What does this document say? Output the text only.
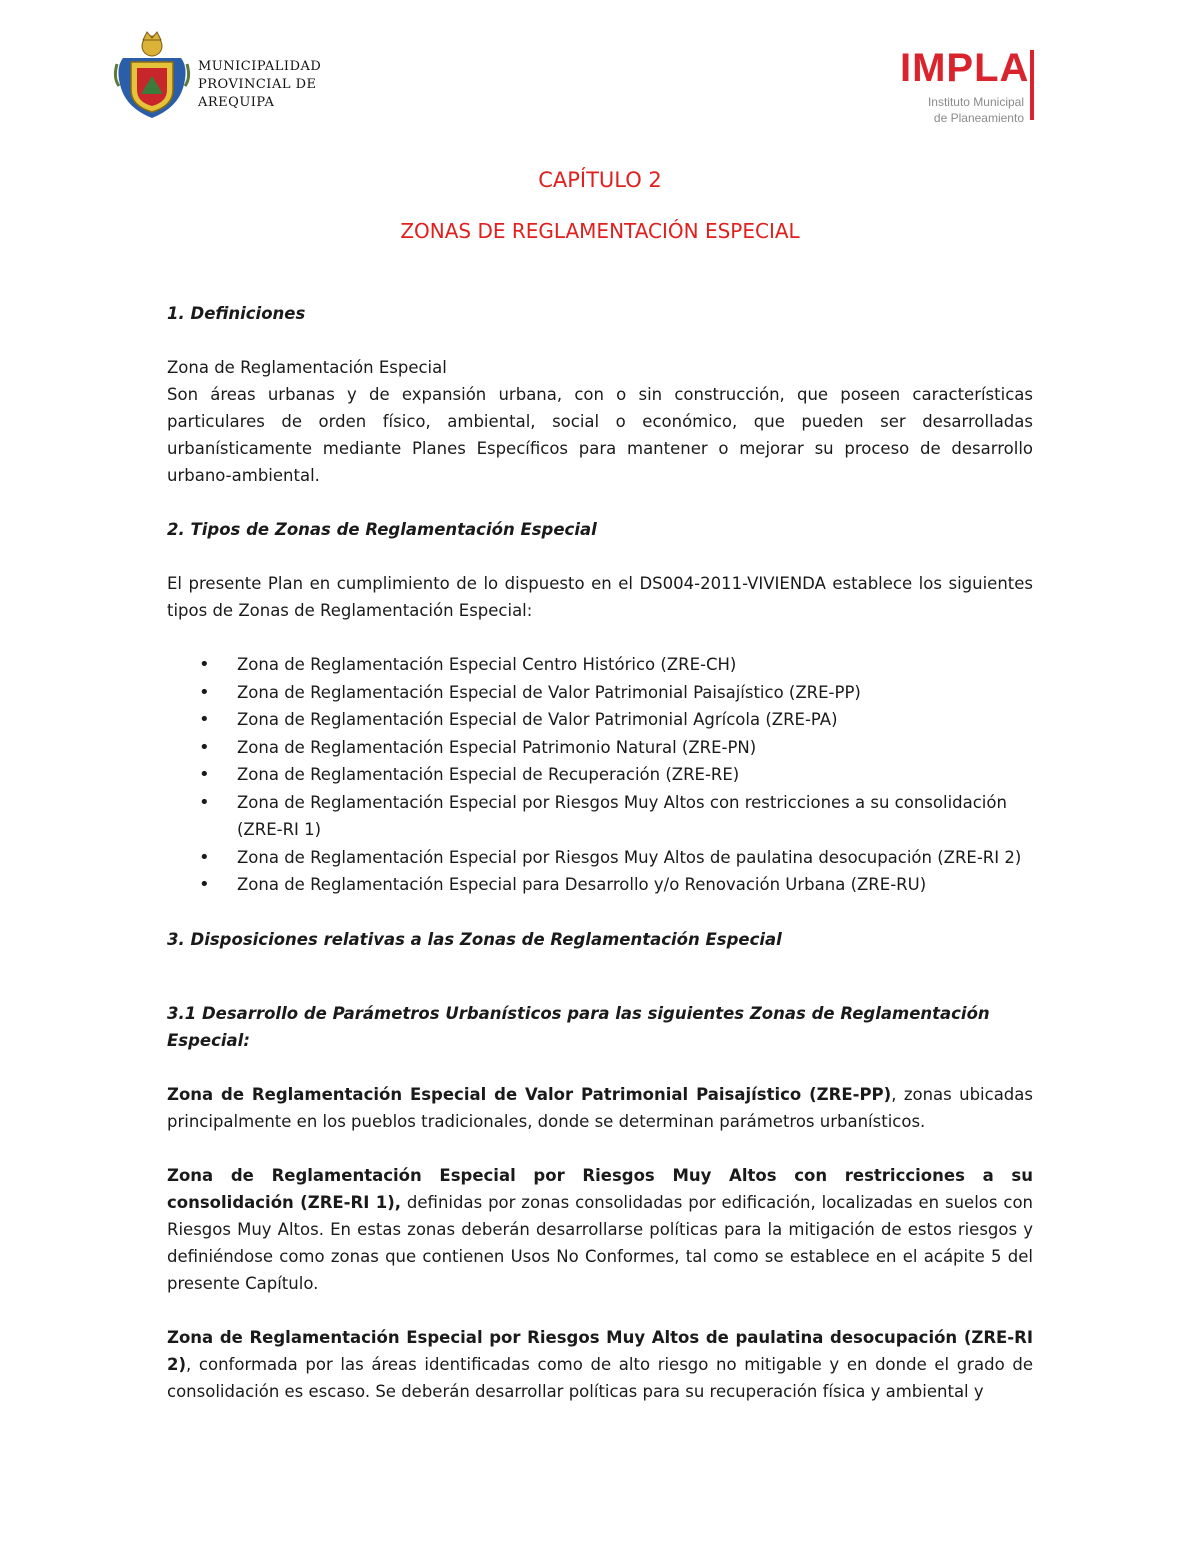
MUNICIPALIDAD
PROVINCIAL DE
AREQUIPA
IMPLA
Instituto Municipal
de Planeamiento
CAPÍTULO 2
ZONAS DE REGLAMENTACIÓN ESPECIAL

1. Definiciones

Zona de Reglamentación Especial

Son áreas urbanas y de expansión urbana, con o sin construcción, que poseen características particulares de orden físico, ambiental, social o económico, que pueden ser desarrolladas urbanísticamente mediante Planes Específicos para mantener o mejorar su proceso de desarrollo urbano-ambiental.

2. Tipos de Zonas de Reglamentación Especial

El presente Plan en cumplimiento de lo dispuesto en el DS004-2011-VIVIENDA establece los siguientes tipos de Zonas de Reglamentación Especial:

• Zona de Reglamentación Especial Centro Histórico (ZRE-CH)
• Zona de Reglamentación Especial de Valor Patrimonial Paisajístico (ZRE-PP)
• Zona de Reglamentación Especial de Valor Patrimonial Agrícola (ZRE-PA)
• Zona de Reglamentación Especial Patrimonio Natural (ZRE-PN)
• Zona de Reglamentación Especial de Recuperación (ZRE-RE)
• Zona de Reglamentación Especial por Riesgos Muy Altos con restricciones a su consolidación (ZRE-RI 1)
• Zona de Reglamentación Especial por Riesgos Muy Altos de paulatina desocupación (ZRE-RI 2)
• Zona de Reglamentación Especial para Desarrollo y/o Renovación Urbana (ZRE-RU)

3. Disposiciones relativas a las Zonas de Reglamentación Especial

3.1 Desarrollo de Parámetros Urbanísticos para las siguientes Zonas de Reglamentación Especial:

Zona de Reglamentación Especial de Valor Patrimonial Paisajístico (ZRE-PP), zonas ubicadas principalmente en los pueblos tradicionales, donde se determinan parámetros urbanísticos.

Zona de Reglamentación Especial por Riesgos Muy Altos con restricciones a su consolidación (ZRE-RI 1), definidas por zonas consolidadas por edificación, localizadas en suelos con Riesgos Muy Altos. En estas zonas deberán desarrollarse políticas para la mitigación de estos riesgos y definiéndose como zonas que contienen Usos No Conformes, tal como se establece en el acápite 5 del presente Capítulo.

Zona de Reglamentación Especial por Riesgos Muy Altos de paulatina desocupación (ZRE-RI 2), conformada por las áreas identificadas como de alto riesgo no mitigable y en donde el grado de consolidación es escaso. Se deberán desarrollar políticas para su recuperación física y ambiental y
